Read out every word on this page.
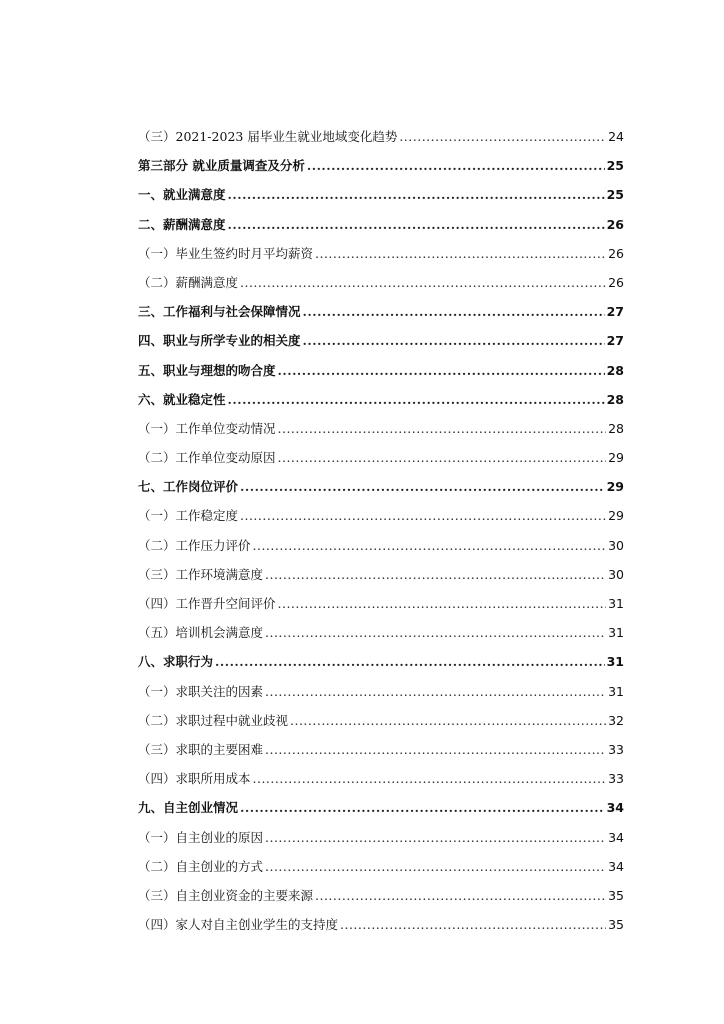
（三）2021-2023 届毕业生就业地域变化趋势 .....	24
第三部分 就业质量调查及分析 .....	25
一、就业满意度 .....	25
二、薪酬满意度 .....	26
（一）毕业生签约时月平均薪资 .....	26
（二）薪酬满意度 .....	26
三、工作福利与社会保障情况 .....	27
四、职业与所学专业的相关度 .....	27
五、职业与理想的吻合度 .....	28
六、就业稳定性 .....	28
（一）工作单位变动情况 .....	28
（二）工作单位变动原因 .....	29
七、工作岗位评价 .....	29
（一）工作稳定度 .....	29
（二）工作压力评价 .....	30
（三）工作环境满意度 .....	30
（四）工作晋升空间评价 .....	31
（五）培训机会满意度 .....	31
八、求职行为 .....	31
（一）求职关注的因素 .....	31
（二）求职过程中就业歧视 .....	32
（三）求职的主要困难 .....	33
（四）求职所用成本 .....	33
九、自主创业情况 .....	34
（一）自主创业的原因 .....	34
（二）自主创业的方式 .....	34
（三）自主创业资金的主要来源 .....	35
（四）家人对自主创业学生的支持度 .....	35
